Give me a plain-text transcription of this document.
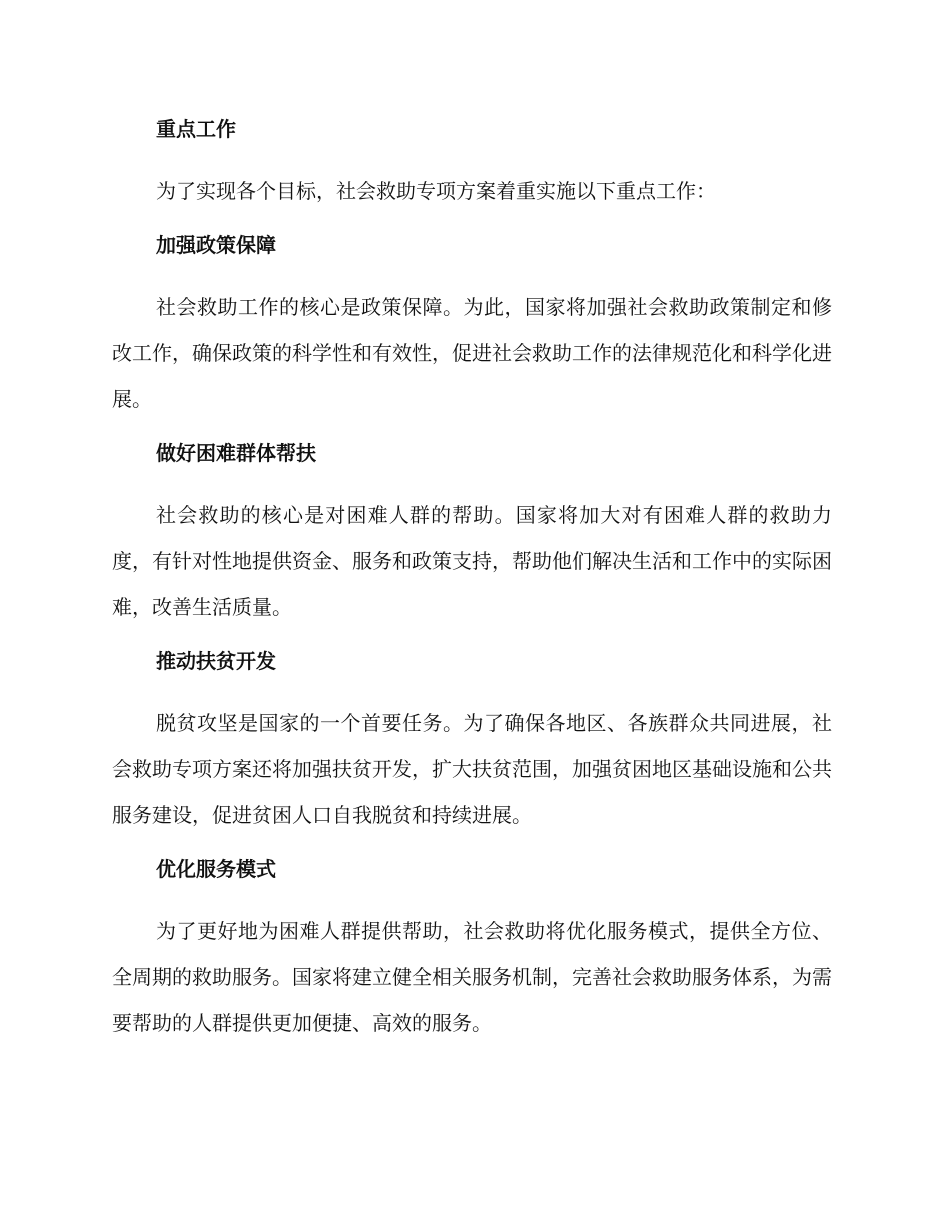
重点工作

为了实现各个目标，社会救助专项方案着重实施以下重点工作：

加强政策保障

社会救助工作的核心是政策保障。为此，国家将加强社会救助政策制定和修改工作，确保政策的科学性和有效性，促进社会救助工作的法律规范化和科学化进展。

做好困难群体帮扶

社会救助的核心是对困难人群的帮助。国家将加大对有困难人群的救助力度，有针对性地提供资金、服务和政策支持，帮助他们解决生活和工作中的实际困难，改善生活质量。

推动扶贫开发

脱贫攻坚是国家的一个首要任务。为了确保各地区、各族群众共同进展，社会救助专项方案还将加强扶贫开发，扩大扶贫范围，加强贫困地区基础设施和公共服务建设，促进贫困人口自我脱贫和持续进展。

优化服务模式

为了更好地为困难人群提供帮助，社会救助将优化服务模式，提供全方位、全周期的救助服务。国家将建立健全相关服务机制，完善社会救助服务体系，为需要帮助的人群提供更加便捷、高效的服务。
